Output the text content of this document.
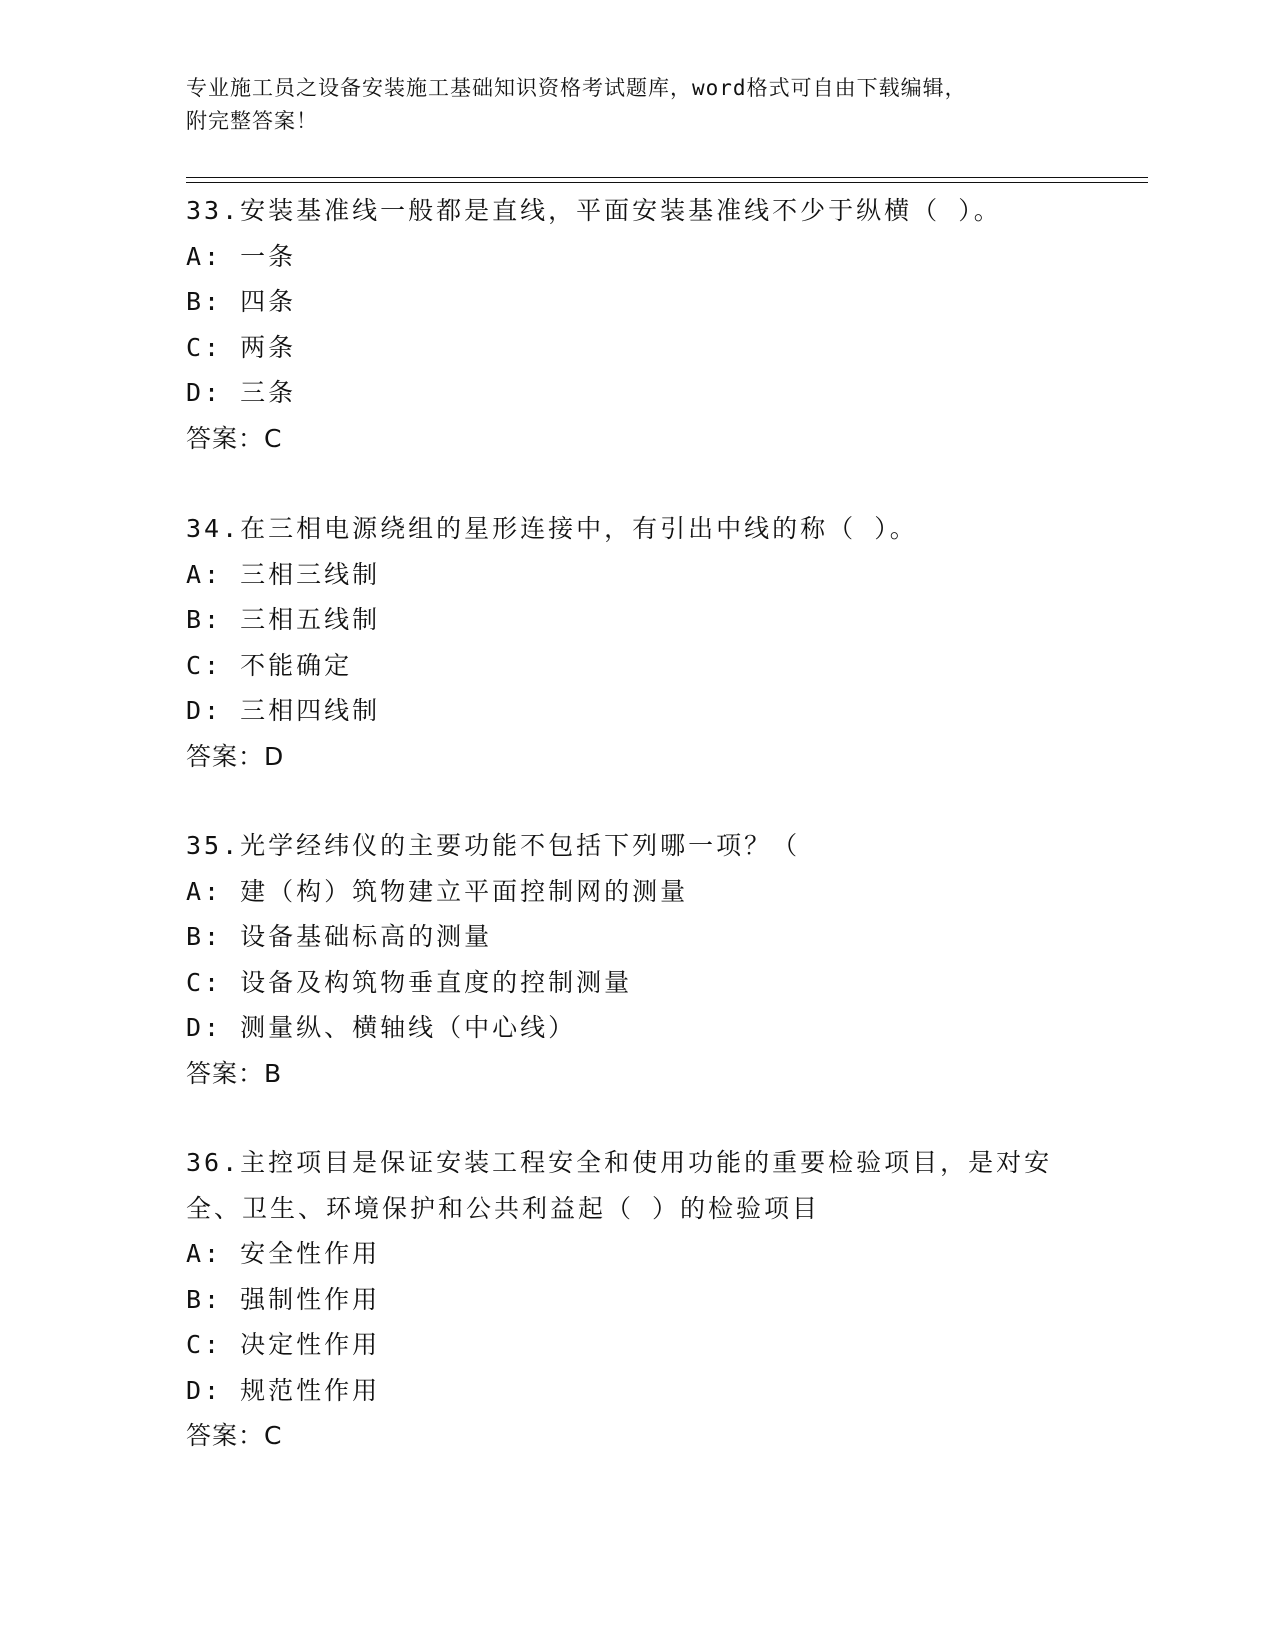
专业施工员之设备安装施工基础知识资格考试题库，word格式可自由下载编辑，
附完整答案！
33.安装基准线一般都是直线，平面安装基准线不少于纵横（ ）。
A: 一条
B: 四条
C: 两条
D: 三条
答案：C
34.在三相电源绕组的星形连接中，有引出中线的称（ ）。
A: 三相三线制
B: 三相五线制
C: 不能确定
D: 三相四线制
答案：D
35.光学经纬仪的主要功能不包括下列哪一项？（
A: 建（构）筑物建立平面控制网的测量
B: 设备基础标高的测量
C: 设备及构筑物垂直度的控制测量
D: 测量纵、横轴线（中心线）
答案：B
36.主控项目是保证安装工程安全和使用功能的重要检验项目，是对安
全、卫生、环境保护和公共利益起（ ）的检验项目
A: 安全性作用
B: 强制性作用
C: 决定性作用
D: 规范性作用
答案：C
